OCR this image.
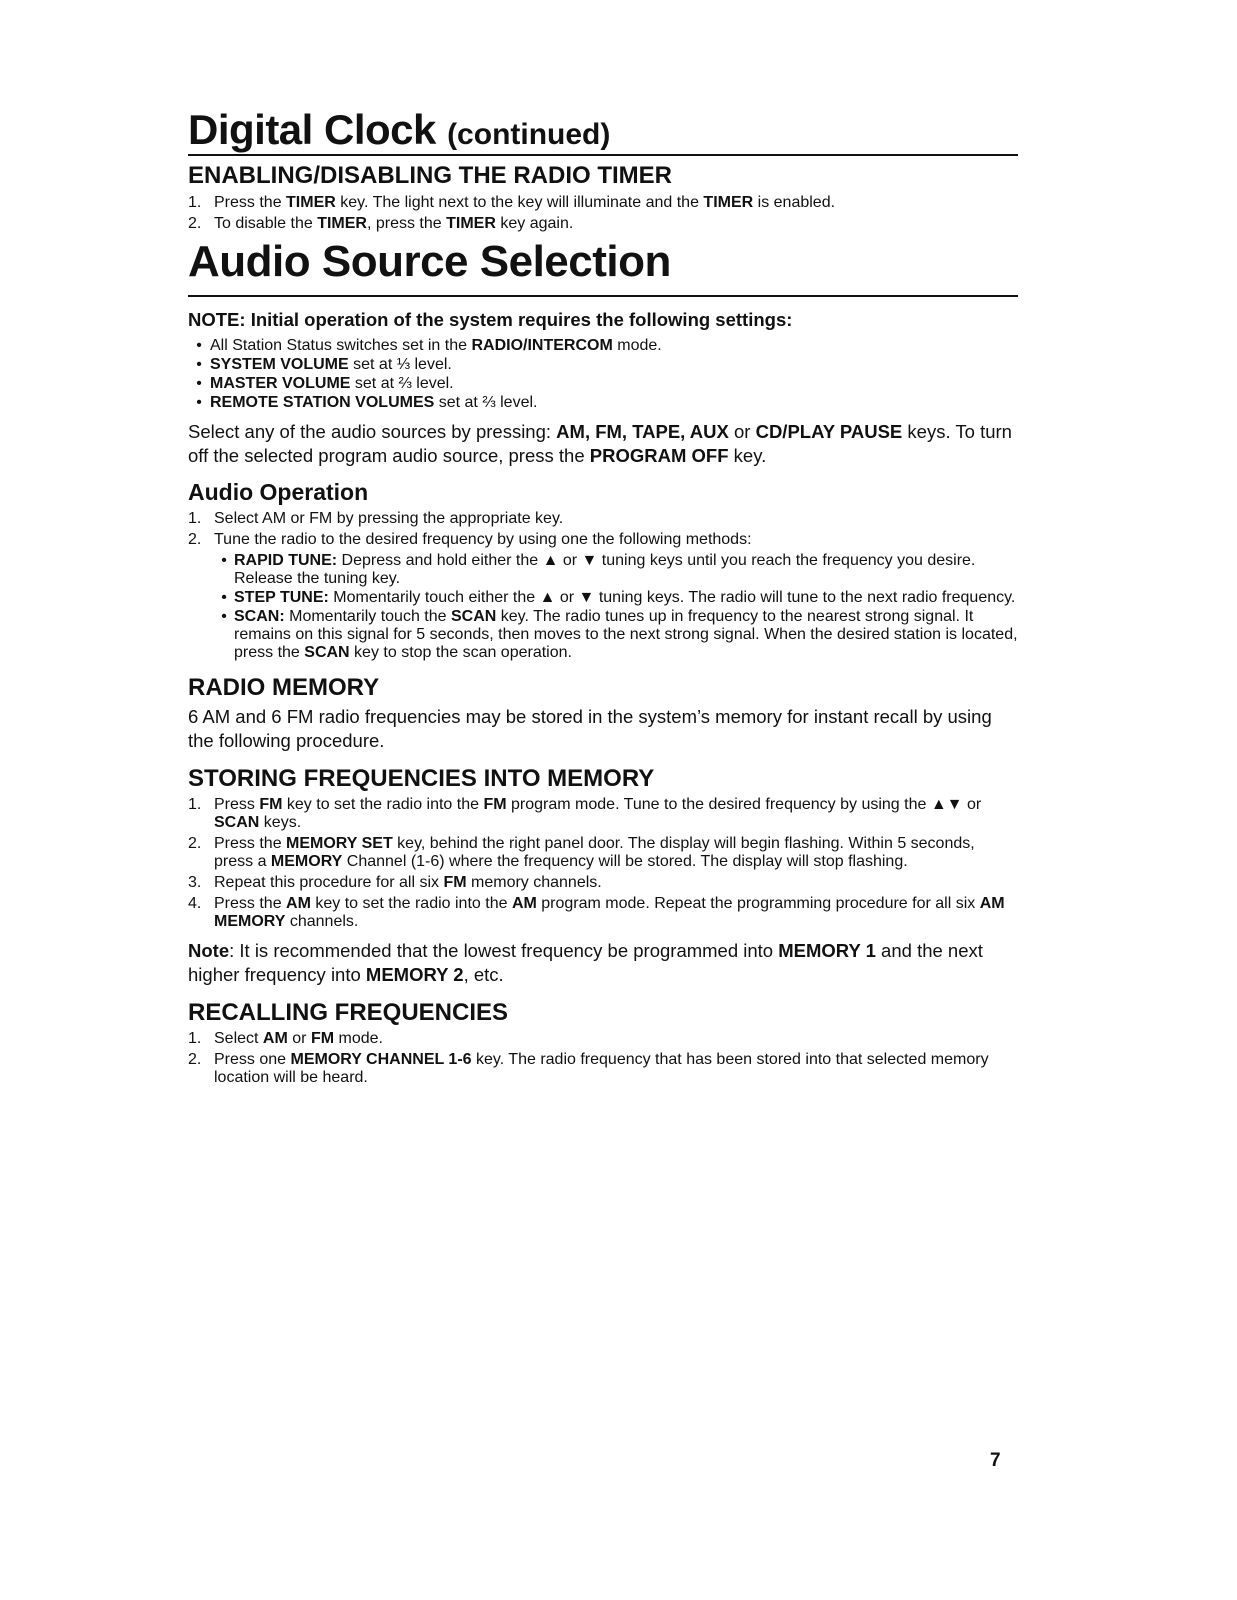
Digital Clock (continued)
ENABLING/DISABLING THE RADIO TIMER
1. Press the TIMER key. The light next to the key will illuminate and the TIMER is enabled.
2. To disable the TIMER, press the TIMER key again.
Audio Source Selection
NOTE: Initial operation of the system requires the following settings:
• All Station Status switches set in the RADIO/INTERCOM mode.
• SYSTEM VOLUME set at ⅓ level.
• MASTER VOLUME set at ⅔ level.
• REMOTE STATION VOLUMES set at ⅔ level.

Select any of the audio sources by pressing: AM, FM, TAPE, AUX or CD/PLAY PAUSE keys. To turn off the selected program audio source, press the PROGRAM OFF key.

Audio Operation
1. Select AM or FM by pressing the appropriate key.
2. Tune the radio to the desired frequency by using one the following methods:
• RAPID TUNE: Depress and hold either the ▲ or ▼ tuning keys until you reach the frequency you desire. Release the tuning key.
• STEP TUNE: Momentarily touch either the ▲ or ▼ tuning keys. The radio will tune to the next radio frequency.
• SCAN: Momentarily touch the SCAN key. The radio tunes up in frequency to the nearest strong signal. It remains on this signal for 5 seconds, then moves to the next strong signal. When the desired station is located, press the SCAN key to stop the scan operation.
RADIO MEMORY

6 AM and 6 FM radio frequencies may be stored in the system’s memory for instant recall by using the following procedure.

STORING FREQUENCIES INTO MEMORY
1. Press FM key to set the radio into the FM program mode. Tune to the desired frequency by using the ▲▼ or SCAN keys.
2. Press the MEMORY SET key, behind the right panel door. The display will begin flashing. Within 5 seconds, press a MEMORY Channel (1-6) where the frequency will be stored. The display will stop flashing.
3. Repeat this procedure for all six FM memory channels.
4. Press the AM key to set the radio into the AM program mode. Repeat the programming procedure for all six AM MEMORY channels.

Note: It is recommended that the lowest frequency be programmed into MEMORY 1 and the next higher frequency into MEMORY 2, etc.

RECALLING FREQUENCIES
1. Select AM or FM mode.
2. Press one MEMORY CHANNEL 1-6 key. The radio frequency that has been stored into that selected memory location will be heard.
7
